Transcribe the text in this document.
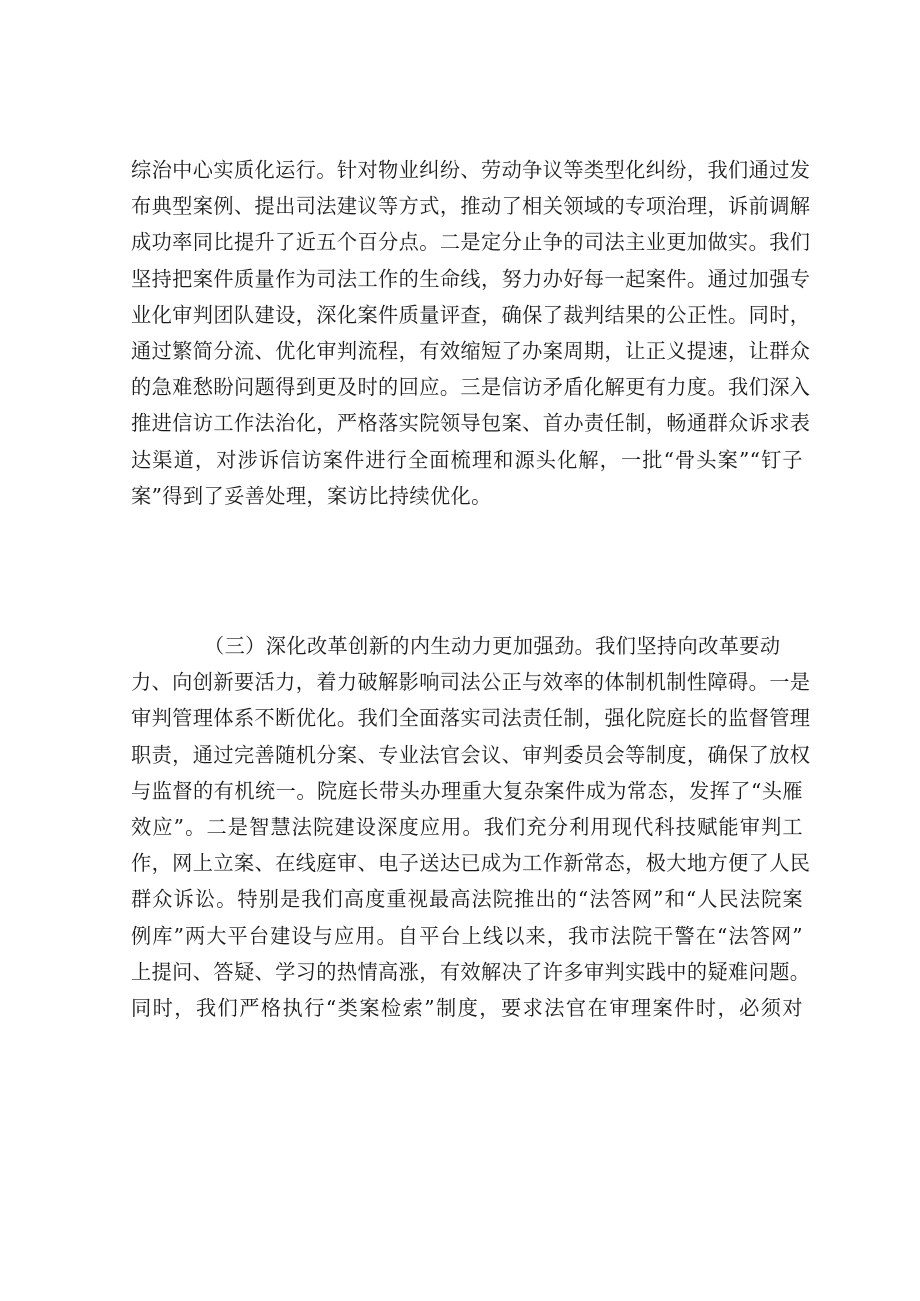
综治中心实质化运行。针对物业纠纷、劳动争议等类型化纠纷，我们通过发
布典型案例、提出司法建议等方式，推动了相关领域的专项治理，诉前调解
成功率同比提升了近五个百分点。二是定分止争的司法主业更加做实。我们
坚持把案件质量作为司法工作的生命线，努力办好每一起案件。通过加强专
业化审判团队建设，深化案件质量评查，确保了裁判结果的公正性。同时，
通过繁简分流、优化审判流程，有效缩短了办案周期，让正义提速，让群众
的急难愁盼问题得到更及时的回应。三是信访矛盾化解更有力度。我们深入
推进信访工作法治化，严格落实院领导包案、首办责任制，畅通群众诉求表
达渠道，对涉诉信访案件进行全面梳理和源头化解，一批“骨头案”“钉子
案”得到了妥善处理，案访比持续优化。
（三）深化改革创新的内生动力更加强劲。我们坚持向改革要动
力、向创新要活力，着力破解影响司法公正与效率的体制机制性障碍。一是
审判管理体系不断优化。我们全面落实司法责任制，强化院庭长的监督管理
职责，通过完善随机分案、专业法官会议、审判委员会等制度，确保了放权
与监督的有机统一。院庭长带头办理重大复杂案件成为常态，发挥了“头雁
效应”。二是智慧法院建设深度应用。我们充分利用现代科技赋能审判工
作，网上立案、在线庭审、电子送达已成为工作新常态，极大地方便了人民
群众诉讼。特别是我们高度重视最高法院推出的“法答网”和“人民法院案
例库”两大平台建设与应用。自平台上线以来，我市法院干警在“法答网”
上提问、答疑、学习的热情高涨，有效解决了许多审判实践中的疑难问题。
同时，我们严格执行“类案检索”制度，要求法官在审理案件时，必须对
